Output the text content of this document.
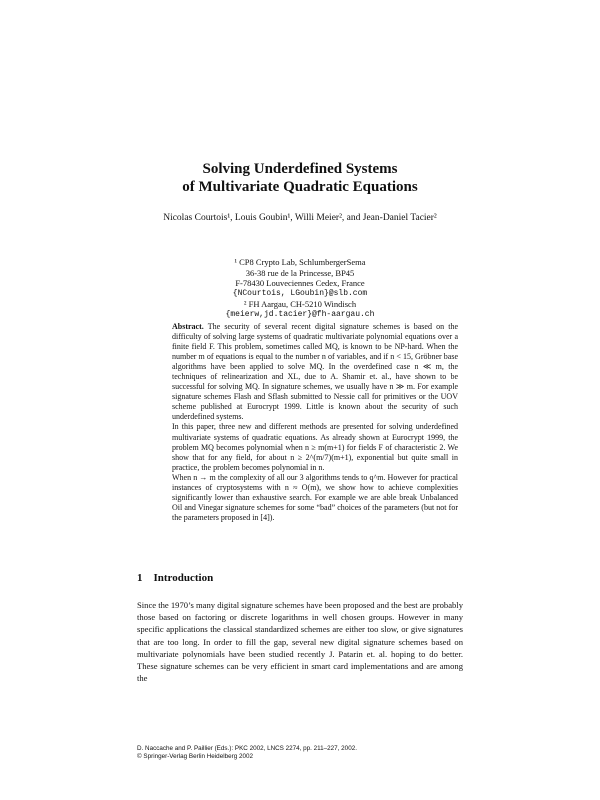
Solving Underdefined Systems
of Multivariate Quadratic Equations
Nicolas Courtois¹, Louis Goubin¹, Willi Meier², and Jean-Daniel Tacier²
¹ CP8 Crypto Lab, SchlumbergerSema
36-38 rue de la Princesse, BP45
F-78430 Louveciennes Cedex, France
{NCourtois, LGoubin}@slb.com
² FH Aargau, CH-5210 Windisch
{meierw,jd.tacier}@fh-aargau.ch

Abstract. The security of several recent digital signature schemes is based on the difficulty of solving large systems of quadratic multivariate polynomial equations over a finite field F. This problem, sometimes called MQ, is known to be NP-hard. When the number m of equations is equal to the number n of variables, and if n < 15, Gröbner base algorithms have been applied to solve MQ. In the overdefined case n ≪ m, the techniques of relinearization and XL, due to A. Shamir et. al., have shown to be successful for solving MQ. In signature schemes, we usually have n ≫ m. For example signature schemes Flash and Sflash submitted to Nessie call for primitives or the UOV scheme published at Eurocrypt 1999. Little is known about the security of such underdefined systems.

In this paper, three new and different methods are presented for solving underdefined multivariate systems of quadratic equations. As already shown at Eurocrypt 1999, the problem MQ becomes polynomial when n ≥ m(m+1) for fields F of characteristic 2. We show that for any field, for about n ≥ 2^(m/7)(m+1), exponential but quite small in practice, the problem becomes polynomial in n.

When n → m the complexity of all our 3 algorithms tends to q^m. However for practical instances of cryptosystems with n ≈ O(m), we show how to achieve complexities significantly lower than exhaustive search. For example we are able break Unbalanced Oil and Vinegar signature schemes for some “bad” choices of the parameters (but not for the parameters proposed in [4]).

1 Introduction

Since the 1970’s many digital signature schemes have been proposed and the best are probably those based on factoring or discrete logarithms in well chosen groups. However in many specific applications the classical standardized schemes are either too slow, or give signatures that are too long. In order to fill the gap, several new digital signature schemes based on multivariate polynomials have been studied recently J. Patarin et. al. hoping to do better. These signature schemes can be very efficient in smart card implementations and are among the

D. Naccache and P. Paillier (Eds.): PKC 2002, LNCS 2274, pp. 211–227, 2002.
© Springer-Verlag Berlin Heidelberg 2002
